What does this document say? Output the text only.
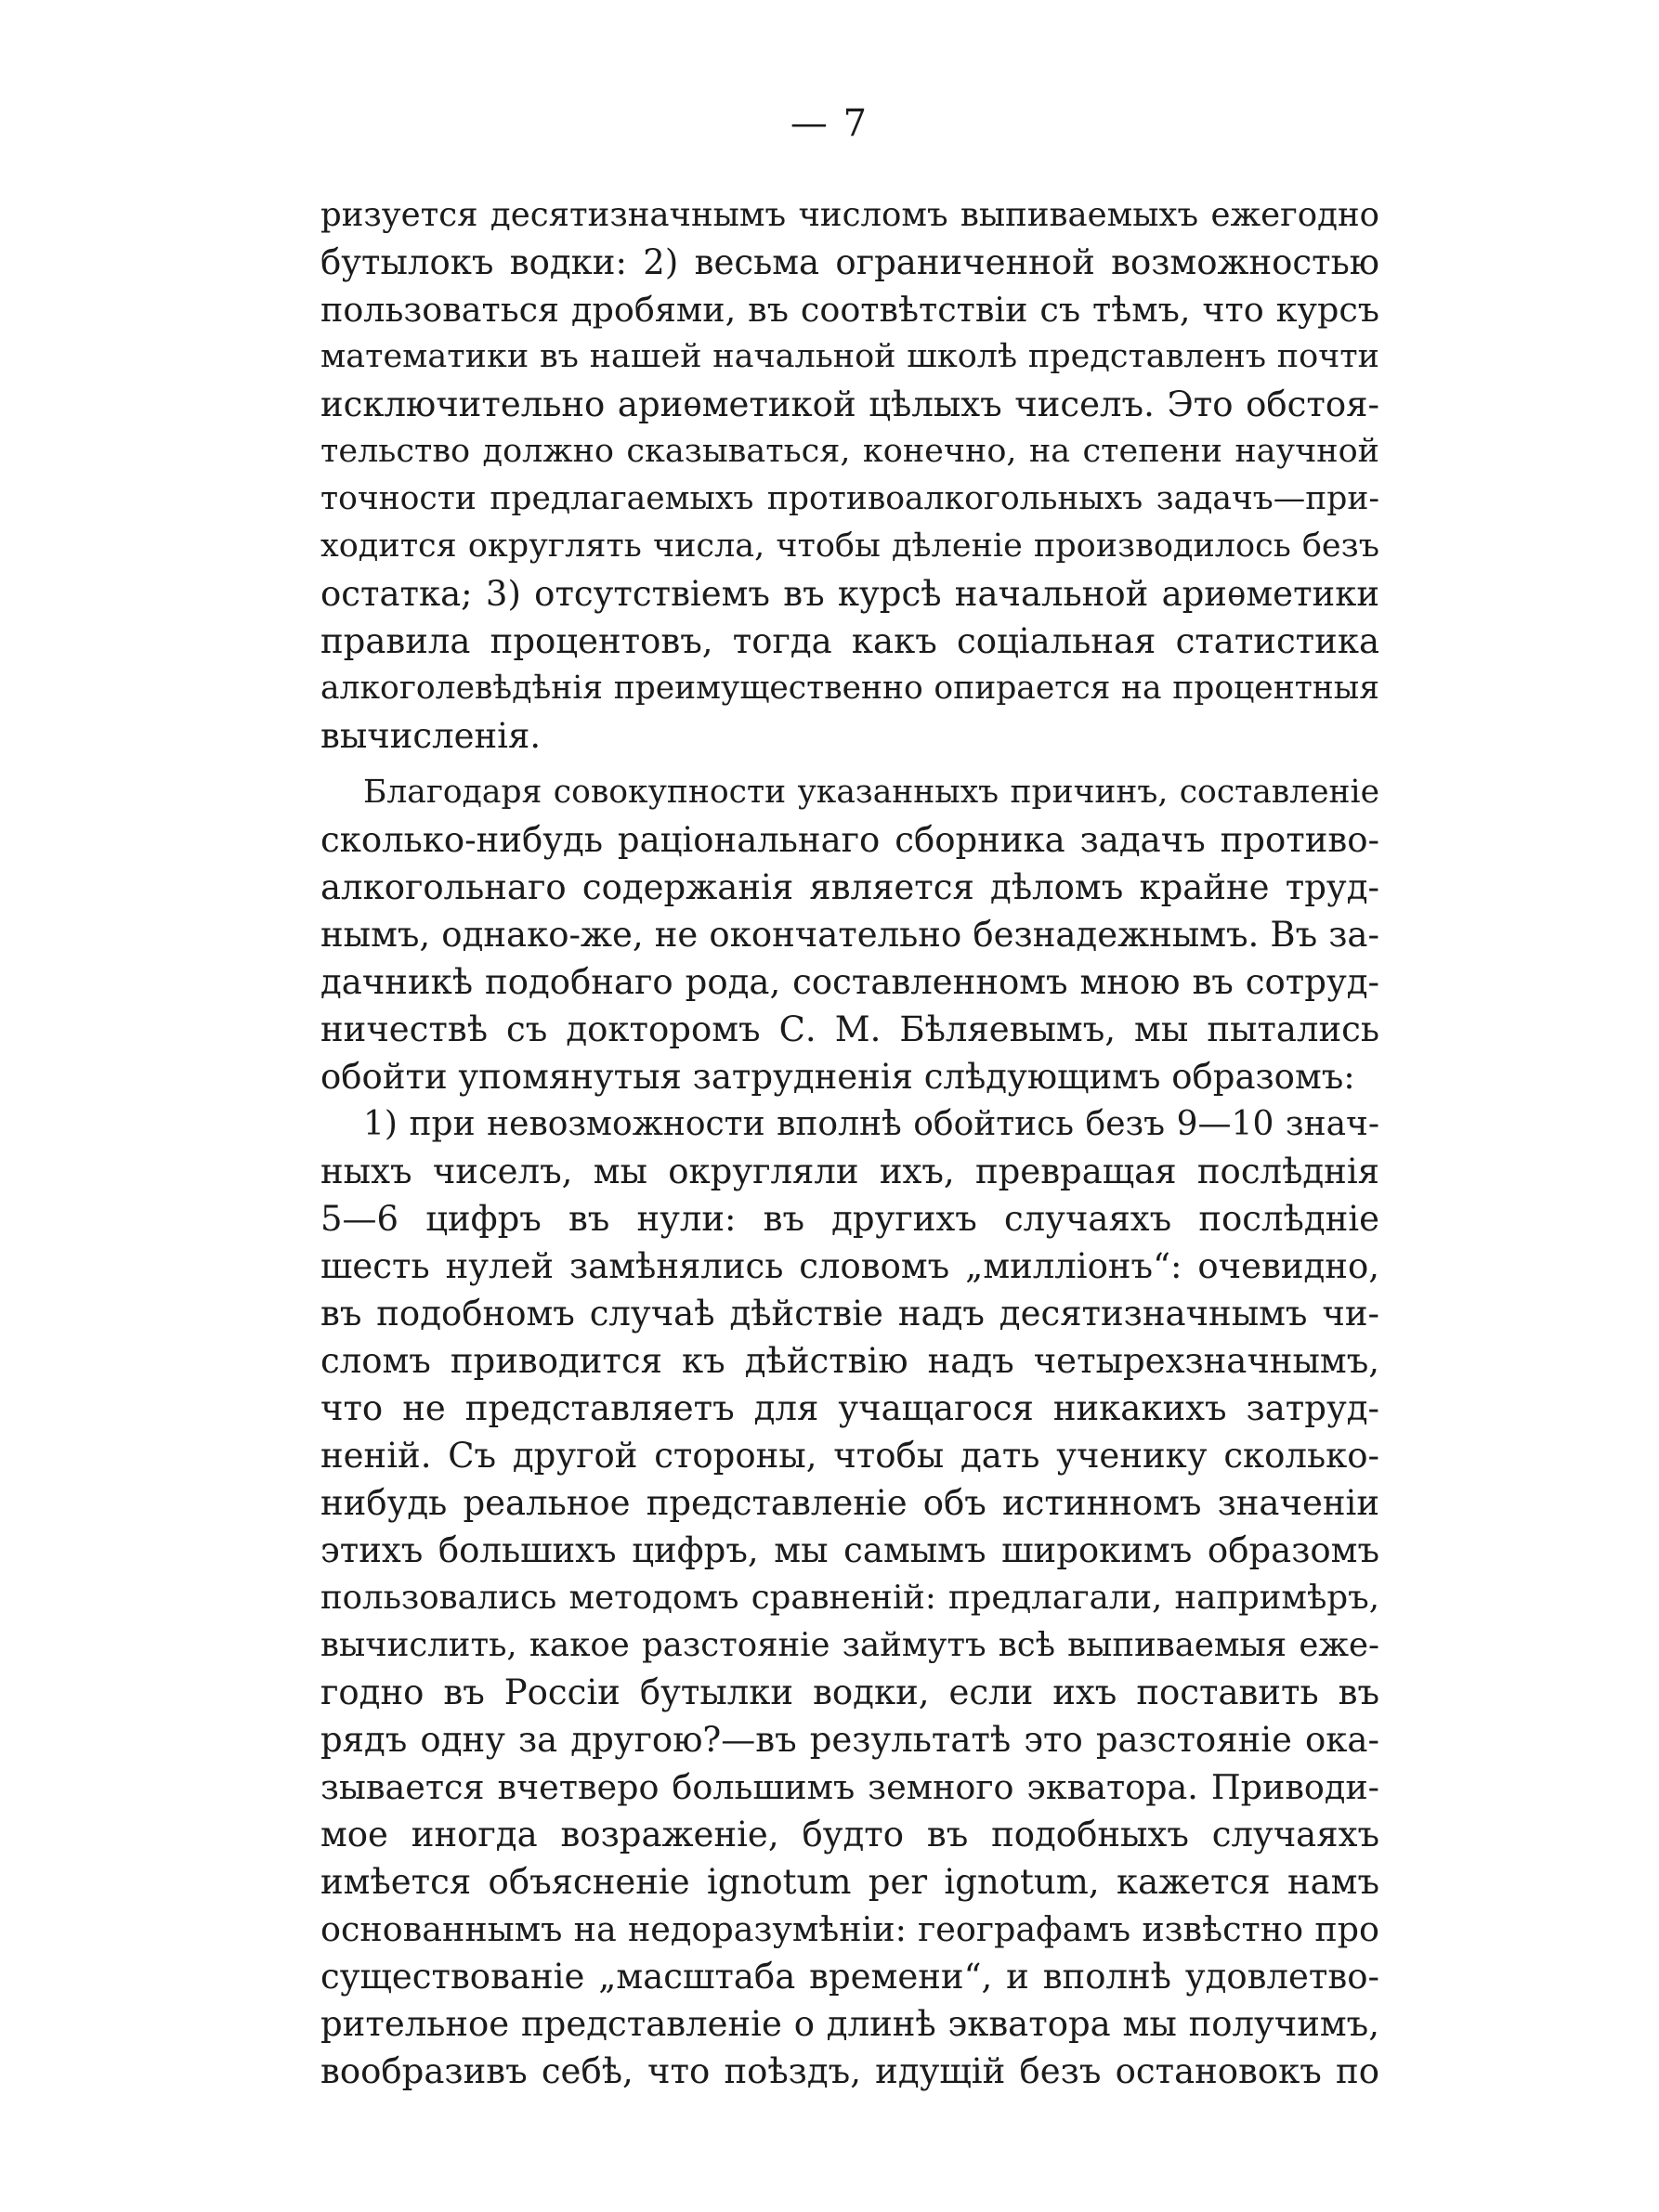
— 7
ризуется десятизначнымъ числомъ выпиваемыхъ ежегодно
бутылокъ водки: 2) весьма ограниченной возможностью
пользоваться дробями, въ соотвѣтствіи съ тѣмъ, что курсъ
математики въ нашей начальной школѣ представленъ почти
исключительно ариѳметикой цѣлыхъ чиселъ. Это обстоя-
тельство должно сказываться, конечно, на степени научной
точности предлагаемыхъ противоалкогольныхъ задачъ—при-
ходится округлять числа, чтобы дѣленіе производилось безъ
остатка; 3) отсутствіемъ въ курсѣ начальной ариѳметики
правила процентовъ, тогда какъ соціальная статистика
алкоголевѣдѣнія преимущественно опирается на процентныя
вычисленія.
Благодаря совокупности указанныхъ причинъ, составленіе
сколько-нибудь раціональнаго сборника задачъ противо-
алкогольнаго содержанія является дѣломъ крайне труд-
нымъ, однако-же, не окончательно безнадежнымъ. Въ за-
дачникѣ подобнаго рода, составленномъ мною въ сотруд-
ничествѣ съ докторомъ С. М. Бѣляевымъ, мы пытались
обойти упомянутыя затрудненія слѣдующимъ образомъ:
1) при невозможности вполнѣ обойтись безъ 9—10 знач-
ныхъ чиселъ, мы округляли ихъ, превращая послѣднія
5—6 цифръ въ нули: въ другихъ случаяхъ послѣдніе
шесть нулей замѣнялись словомъ „милліонъ“: очевидно,
въ подобномъ случаѣ дѣйствіе надъ десятизначнымъ чи-
сломъ приводится къ дѣйствію надъ четырехзначнымъ,
что не представляетъ для учащагося никакихъ затруд-
неній. Съ другой стороны, чтобы дать ученику сколько-
нибудь реальное представленіе объ истинномъ значеніи
этихъ большихъ цифръ, мы самымъ широкимъ образомъ
пользовались методомъ сравненій: предлагали, напримѣръ,
вычислить, какое разстояніе займутъ всѣ выпиваемыя еже-
годно въ Россіи бутылки водки, если ихъ поставить въ
рядъ одну за другою?—въ результатѣ это разстояніе ока-
зывается вчетверо большимъ земного экватора. Приводи-
мое иногда возраженіе, будто въ подобныхъ случаяхъ
имѣется объясненіе ignotum per ignotum, кажется намъ
основаннымъ на недоразумѣніи: географамъ извѣстно про
существованіе „масштаба времени“, и вполнѣ удовлетво-
рительное представленіе о длинѣ экватора мы получимъ,
вообразивъ себѣ, что поѣздъ, идущій безъ остановокъ по
